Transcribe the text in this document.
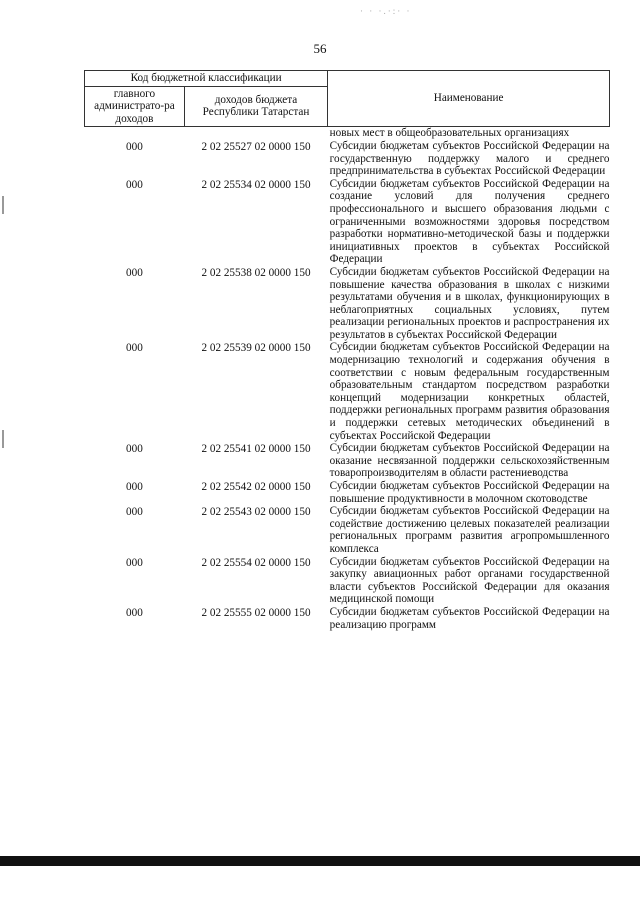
· · ·.·:· ·
56
Код бюджетной классификации		Наименование
главного администрато-ра доходов	доходов бюджета Республики Татарстан	
		новых мест в общеобразовательных организациях
000	2 02 25527 02 0000 150	Субсидии бюджетам субъектов Российской Федерации на государственную поддержку малого и среднего предпринимательства в субъектах Российской Федерации
000	2 02 25534 02 0000 150	Субсидии бюджетам субъектов Российской Федерации на создание условий для получения среднего профессионального и высшего образования людьми с ограниченными возможностями здоровья посредством разработки нормативно-методической базы и поддержки инициативных проектов в субъектах Российской Федерации
000	2 02 25538 02 0000 150	Субсидии бюджетам субъектов Российской Федерации на повышение качества образования в школах с низкими результатами обучения и в школах, функционирующих в неблагоприятных социальных условиях, путем реализации региональных проектов и распространения их результатов в субъектах Российской Федерации
000	2 02 25539 02 0000 150	Субсидии бюджетам субъектов Российской Федерации на модернизацию технологий и содержания обучения в соответствии с новым федеральным государственным образовательным стандартом посредством разработки концепций модернизации конкретных областей, поддержки региональных программ развития образования и поддержки сетевых методических объединений в субъектах Российской Федерации
000	2 02 25541 02 0000 150	Субсидии бюджетам субъектов Российской Федерации на оказание несвязанной поддержки сельскохозяйственным товаропроизводителям в области растениеводства
000	2 02 25542 02 0000 150	Субсидии бюджетам субъектов Российской Федерации на повышение продуктивности в молочном скотоводстве
000	2 02 25543 02 0000 150	Субсидии бюджетам субъектов Российской Федерации на содействие достижению целевых показателей реализации региональных программ развития агропромышленного комплекса
000	2 02 25554 02 0000 150	Субсидии бюджетам субъектов Российской Федерации на закупку авиационных работ органами государственной власти субъектов Российской Федерации для оказания медицинской помощи
000	2 02 25555 02 0000 150	Субсидии бюджетам субъектов Российской Федерации на реализацию программ
